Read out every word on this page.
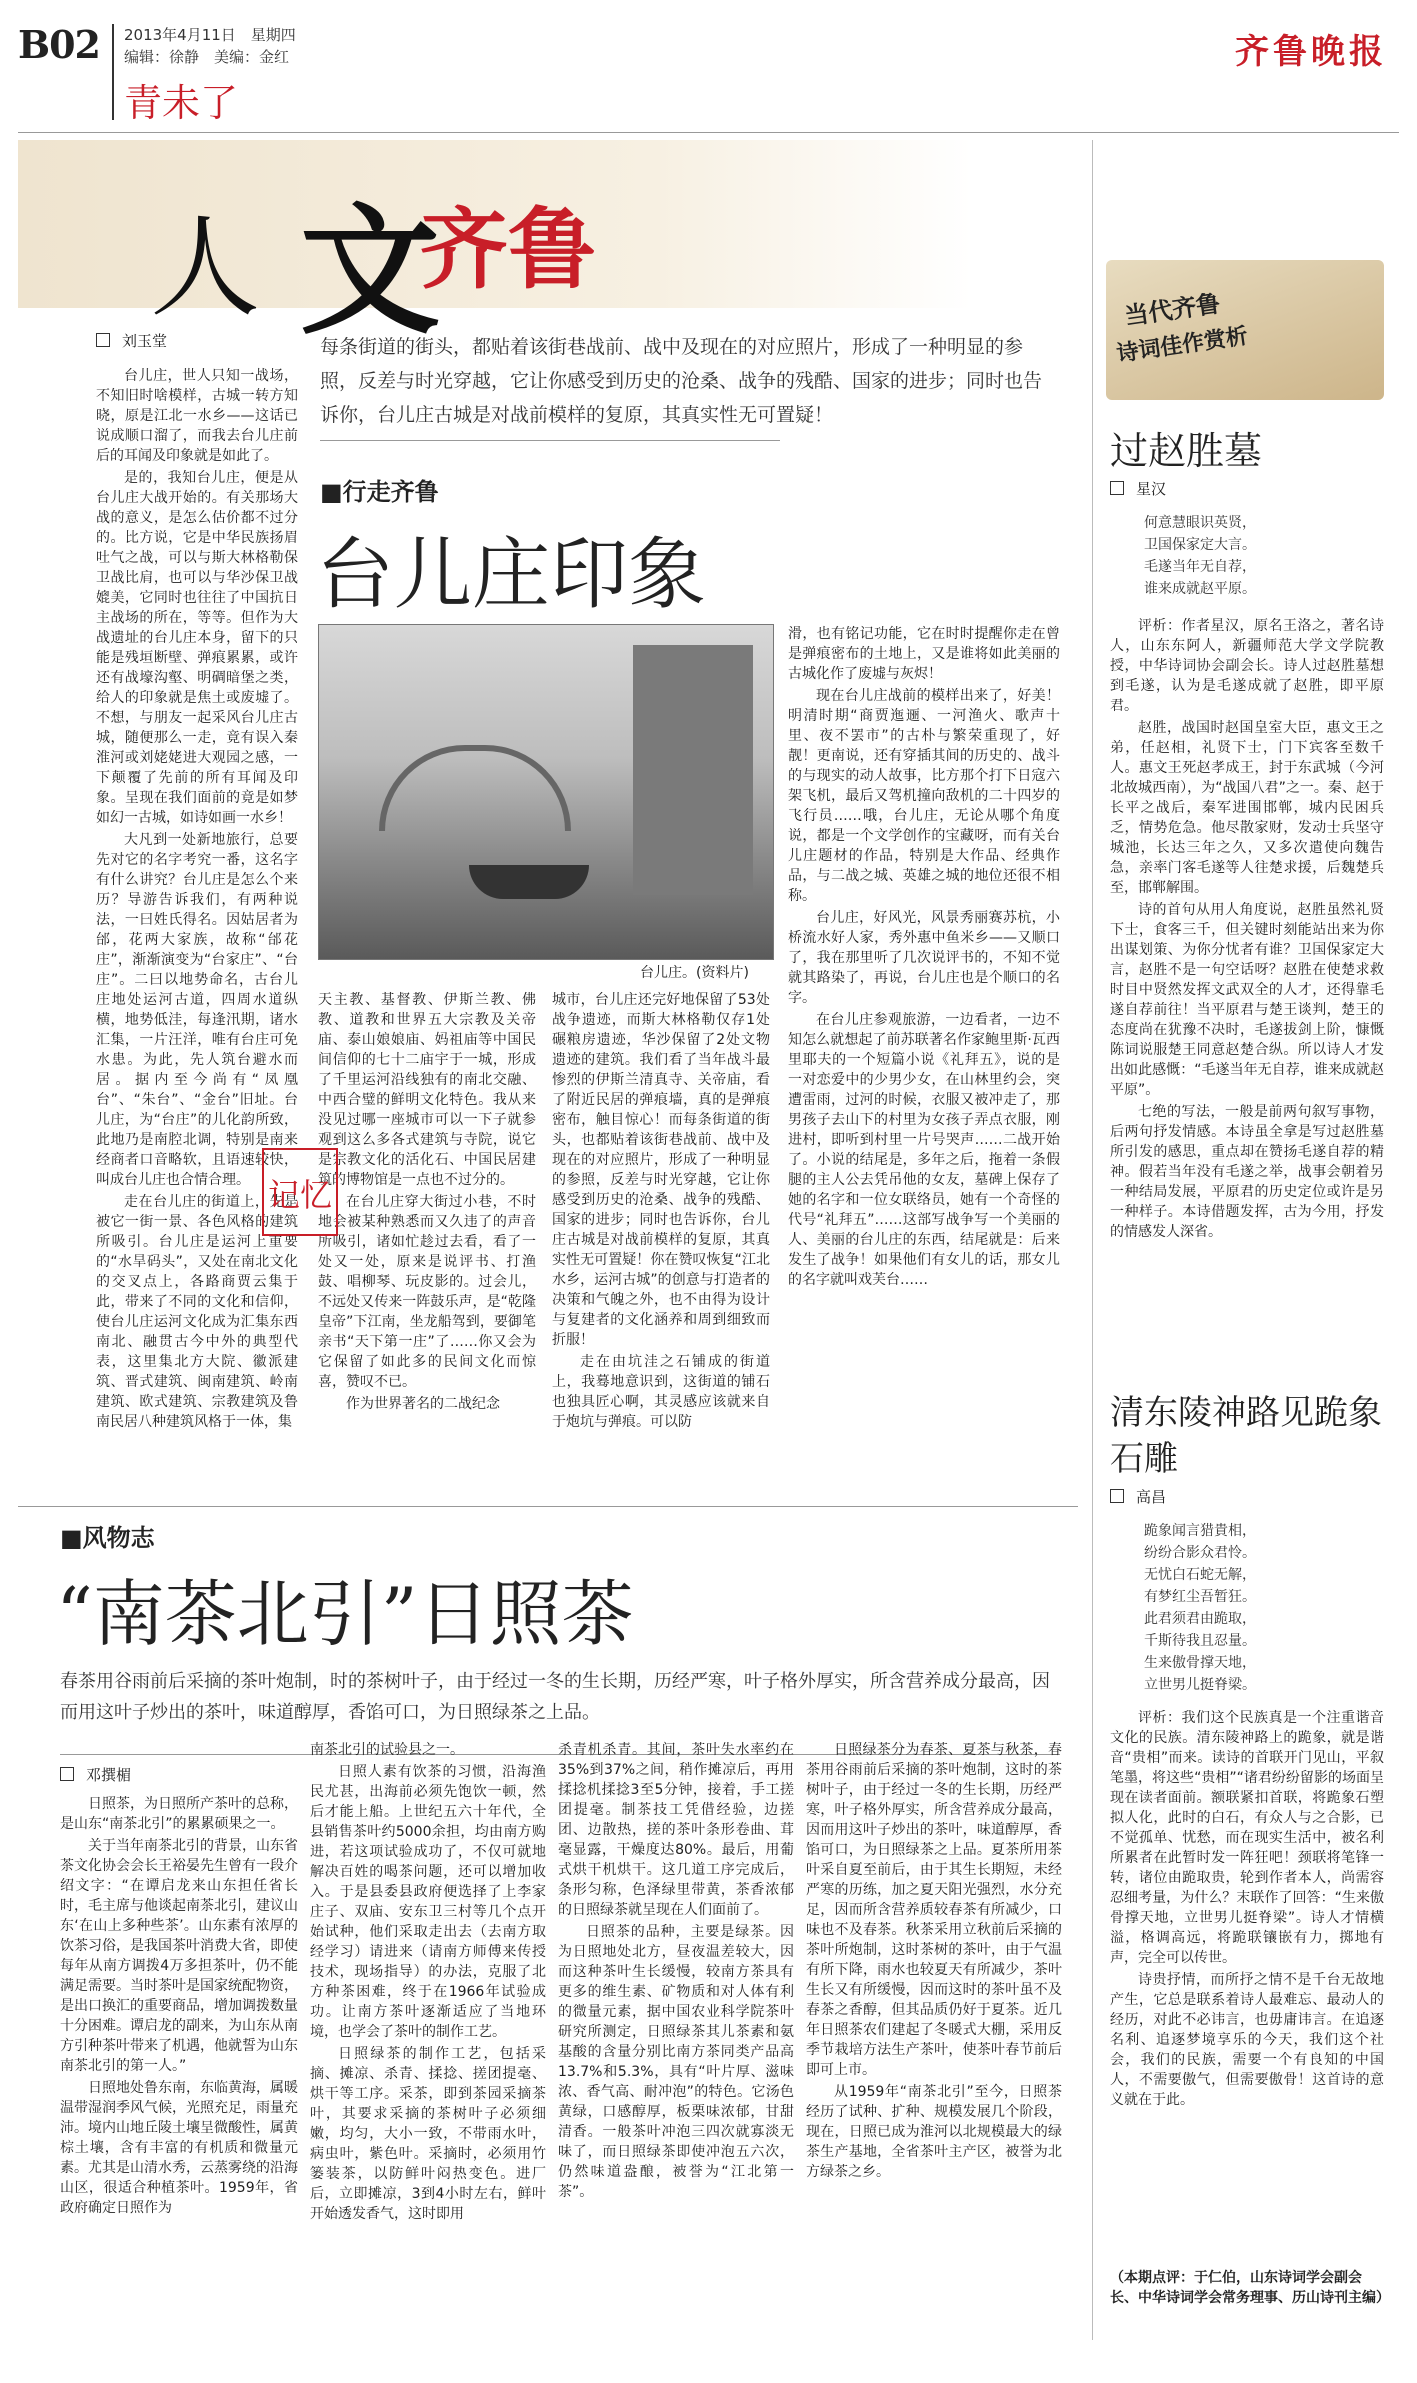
B02 2013年4月11日　星期四
编辑：徐静　美编：金红
青未了
齐鲁晚报
人 文
齐鲁
当代齐鲁
诗词佳作赏析
刘玉堂	每条街道的街头，都贴着该街巷战前、战中及现在的对应照片，形成了一种明显的参照，反差与时光穿越，它让你感受到历史的沧桑、战争的残酷、国家的进步；同时也告诉你，台儿庄古城是对战前模样的复原，其真实性无可置疑！
■行走齐鲁
台儿庄印象

台儿庄，世人只知一战场，不知旧时啥模样，古城一转方知晓，原是江北一水乡——这话已说成顺口溜了，而我去台儿庄前后的耳闻及印象就是如此了。

是的，我知台儿庄，便是从台儿庄大战开始的。有关那场大战的意义，是怎么估价都不过分的。比方说，它是中华民族扬眉吐气之战，可以与斯大林格勒保卫战比肩，也可以与华沙保卫战媲美，它同时也往往了中国抗日主战场的所在，等等。但作为大战遗址的台儿庄本身，留下的只能是残垣断壁、弹痕累累，或许还有战壕沟壑、明碉暗堡之类，给人的印象就是焦土或废墟了。不想，与朋友一起采风台儿庄古城，随便那么一走，竟有误入秦淮河或刘姥姥进大观园之感，一下颠覆了先前的所有耳闻及印象。呈现在我们面前的竟是如梦如幻一古城，如诗如画一水乡！

大凡到一处新地旅行，总要先对它的名字考究一番，这名字有什么讲究？台儿庄是怎么个来历？导游告诉我们，有两种说法，一曰姓氏得名。因姑居者为邰，花两大家族，故称“邰花庄”，渐渐演变为“台家庄”、“台庄”。二曰以地势命名，古台儿庄地处运河古道，四周水道纵横，地势低洼，每逢汛期，诸水汇集，一片汪洋，唯有台庄可免水患。为此，先人筑台避水而居。据内至今尚有“凤凰台”、“朱台”、“金台”旧址。台儿庄，为“台庄”的儿化韵所致，此地乃是南腔北调，特别是南来经商者口音略软，且语速较快，叫成台儿庄也合情合理。

走在台儿庄的街道上，先是被它一街一景、各色风格的建筑所吸引。台儿庄是运河上重要的“水旱码头”，又处在南北文化的交叉点上，各路商贾云集于此，带来了不同的文化和信仰，使台儿庄运河文化成为汇集东西南北、融贯古今中外的典型代表，这里集北方大院、徽派建筑、晋式建筑、闽南建筑、岭南建筑、欧式建筑、宗教建筑及鲁南民居八种建筑风格于一体，集

台儿庄。(资料片)

天主教、基督教、伊斯兰教、佛教、道教和世界五大宗教及关帝庙、泰山娘娘庙、妈祖庙等中国民间信仰的七十二庙宇于一城，形成了千里运河沿线独有的南北交融、中西合璧的鲜明文化特色。我从来没见过哪一座城市可以一下子就参观到这么多各式建筑与寺院，说它是宗教文化的活化石、中国民居建筑的博物馆是一点也不过分的。

在台儿庄穿大街过小巷，不时地会被某种熟悉而又久违了的声音所吸引，诸如忙趁过去看，看了一处又一处，原来是说评书、打渔鼓、唱柳琴、玩皮影的。过会儿，不远处又传来一阵鼓乐声，是“乾隆皇帝”下江南，坐龙船驾到，要御笔亲书“天下第一庄”了……你又会为它保留了如此多的民间文化而惊喜，赞叹不已。

作为世界著名的二战纪念

记忆

城市，台儿庄还完好地保留了53处战争遗迹，而斯大林格勒仅存1处碾粮房遗迹，华沙保留了2处文物遗迹的建筑。我们看了当年战斗最惨烈的伊斯兰清真寺、关帝庙，看了附近民居的弹痕墙，真的是弹痕密布，触目惊心！而每条街道的街头，也都贴着该街巷战前、战中及现在的对应照片，形成了一种明显的参照，反差与时光穿越，它让你感受到历史的沧桑、战争的残酷、国家的进步；同时也告诉你，台儿庄古城是对战前模样的复原，其真实性无可置疑！你在赞叹恢复“江北水乡，运河古城”的创意与打造者的决策和气魄之外，也不由得为设计与复建者的文化涵养和周到细致而折服！

走在由坑洼之石铺成的街道上，我蓦地意识到，这街道的铺石也独具匠心啊，其灵感应该就来自于炮坑与弹痕。可以防

滑，也有铭记功能，它在时时提醒你走在曾是弹痕密布的土地上，又是谁将如此美丽的古城化作了废墟与灰烬！

现在台儿庄战前的模样出来了，好美！明清时期“商贾迤逦、一河渔火、歌声十里、夜不罢市”的古朴与繁荣重现了，好靓！更南说，还有穿插其间的历史的、战斗的与现实的动人故事，比方那个打下日寇六架飞机，最后又驾机撞向敌机的二十四岁的飞行员……哦，台儿庄，无论从哪个角度说，都是一个文学创作的宝藏呀，而有关台儿庄题材的作品，特别是大作品、经典作品，与二战之城、英雄之城的地位还很不相称。

台儿庄，好风光，风景秀丽赛苏杭，小桥流水好人家，秀外惠中鱼米乡——又顺口了，我在那里听了几次说评书的，不知不觉就其路染了，再说，台儿庄也是个顺口的名字。

在台儿庄参观旅游，一边看者，一边不知怎么就想起了前苏联著名作家鲍里斯·瓦西里耶夫的一个短篇小说《礼拜五》，说的是一对恋爱中的少男少女，在山林里约会，突遭雷雨，过河的时候，衣服又被冲走了，那男孩子去山下的村里为女孩子弄点衣服，刚进村，即听到村里一片号哭声……二战开始了。小说的结尾是，多年之后，拖着一条假腿的主人公去凭吊他的女友，墓碑上保存了她的名字和一位女联络员，她有一个奇怪的代号“礼拜五”……这部写战争写一个美丽的人、美丽的台儿庄的东西，结尾就是：后来发生了战争！如果他们有女儿的话，那女儿的名字就叫戏芙台……

过赵胜墓
星汉
何意慧眼识英贤，
卫国保家定大言。
毛遂当年无自荐，
谁来成就赵平原。

评析：作者星汉，原名王洛之，著名诗人，山东东阿人，新疆师范大学文学院教授，中华诗词协会副会长。诗人过赵胜墓想到毛遂，认为是毛遂成就了赵胜，即平原君。

赵胜，战国时赵国皇室大臣，惠文王之弟，任赵相，礼贤下士，门下宾客至数千人。惠文王死赵孝成王，封于东武城（今河北故城西南），为“战国八君”之一。秦、赵于长平之战后，秦军进围邯郸，城内民困兵乏，情势危急。他尽散家财，发动士兵坚守城池，长达三年之久，又多次遣使向魏告急，亲率门客毛遂等人往楚求援，后魏楚兵至，邯郸解围。

诗的首句从用人角度说，赵胜虽然礼贤下士，食客三千，但关键时刻能站出来为你出谋划策、为你分忧者有谁？卫国保家定大言，赵胜不是一句空话呀？赵胜在使楚求救时目中贤然发挥文武双全的人才，还得靠毛遂自荐前往！当平原君与楚王谈判，楚王的态度尚在犹豫不决时，毛遂拔剑上阶，慷慨陈词说服楚王同意赵楚合纵。所以诗人才发出如此感慨：“毛遂当年无自荐，谁来成就赵平原”。

七绝的写法，一般是前两句叙写事物，后两句抒发情感。本诗虽全拿是写过赵胜墓所引发的感思，重点却在赞扬毛遂自荐的精神。假若当年没有毛遂之举，战事会朝着另一种结局发展，平原君的历史定位或许是另一种样子。本诗借题发挥，古为今用，抒发的情感发人深省。

清东陵神路见跪象石雕
高昌
跪象闻言猎貴相，
纷纷合影众君怜。
无忧白石蛇无解，
有梦红尘吾暂狂。
此君须君由跪取，
千斯待我且忍量。
生来傲骨撑天地，
立世男儿挺脊梁。

评析：我们这个民族真是一个注重谐音文化的民族。清东陵神路上的跪象，就是谐音“贵相”而来。读诗的首联开门见山，平叙笔墨，将这些“贵相”“诸君纷纷留影的场面呈现在读者面前。额联紧扣首联，将跪象石塑拟人化，此时的白石，有众人与之合影，已不觉孤单、忧愁，而在现实生活中，被名利所累者在此暂时发一阵狂吧！颈联将笔锋一转，诸位由跪取贵，轮到作者本人，尚需容忍细考量，为什么？末联作了回答：“生来傲骨撑天地，立世男儿挺脊梁”。诗人才情横溢，格调高远，将跪联镶嵌有力，掷地有声，完全可以传世。

诗贵抒情，而所抒之情不是千台无故地产生，它总是联系着诗人最难忘、最动人的经历，对此不必讳言，也毋庸讳言。在追逐名利、追逐梦境享乐的今天，我们这个社会，我们的民族，需要一个有良知的中国人，不需要傲气，但需要傲骨！这首诗的意义就在于此。

（本期点评：于仁伯，山东诗词学会副会长、中华诗词学会常务理事、历山诗刊主编）
■风物志
“南茶北引”日照茶
春茶用谷雨前后采摘的茶叶炮制，时的茶树叶子，由于经过一冬的生长期，历经严寒，叶子格外厚实，所含营养成分最高，因而用这叶子炒出的茶叶，味道醇厚，香馅可口，为日照绿茶之上品。
邓撰楣

日照茶，为日照所产茶叶的总称，是山东“南茶北引”的累累硕果之一。

关于当年南茶北引的背景，山东省茶文化协会会长王裕晏先生曾有一段介绍文字：“在谭启龙来山东担任省长时，毛主席与他谈起南茶北引，建议山东‘在山上多种些茶’。山东素有浓厚的饮茶习俗，是我国茶叶消费大省，即使每年从南方调拨4万多担茶叶，仍不能满足需要。当时茶叶是国家统配物资，是出口换汇的重要商品，增加调拨数量十分困难。谭启龙的副来，为山东从南方引种茶叶带来了机遇，他就誓为山东南茶北引的第一人。”

日照地处鲁东南，东临黄海，属暖温带湿润季风气候，光照充足，雨量充沛。境内山地丘陵土壤呈微酸性，属黄棕土壤，含有丰富的有机质和微量元素。尤其是山清水秀，云蒸雾绕的沿海山区，很适合种植茶叶。1959年，省政府确定日照作为

南茶北引的试验县之一。

日照人素有饮茶的习惯，沿海渔民尤甚，出海前必须先饱饮一顿，然后才能上船。上世纪五六十年代，全县销售茶叶约5000余担，均由南方购进，若这项试验成功了，不仅可就地解决百姓的喝茶问题，还可以增加收入。于是县委县政府便选择了上李家庄子、双庙、安东卫三村等几个点开始试种，他们采取走出去（去南方取经学习）请进来（请南方师傅来传授技术，现场指导）的办法，克服了北方种茶困难，终于在1966年试验成功。让南方茶叶逐渐适应了当地环境，也学会了茶叶的制作工艺。

日照绿茶的制作工艺，包括采摘、摊凉、杀青、揉捻、搓团提毫、烘干等工序。采茶，即到茶园采摘茶叶，其要求采摘的茶树叶子必须细嫩，均匀，大小一致，不带雨水叶，病虫叶，紫色叶。采摘时，必须用竹篓装茶，以防鲜叶闷热变色。进厂后，立即摊凉，3到4小时左右，鲜叶开始透发香气，这时即用

杀青机杀青。其间，茶叶失水率约在35%到37%之间，稍作摊凉后，再用揉捻机揉捻3至5分钟，接着，手工搓团提毫。制茶技工凭借经验，边搓团、边散热，搓的茶叶条形卷曲、茸毫显露，干燥度达80%。最后，用葡式烘干机烘干。这几道工序完成后，条形匀称，色泽绿里带黄，茶香浓郁的日照绿茶就呈现在人们面前了。

日照茶的品种，主要是绿茶。因为日照地处北方，昼夜温差较大，因而这种茶叶生长缓慢，较南方茶具有更多的维生素、矿物质和对人体有利的微量元素，据中国农业科学院茶叶研究所测定，日照绿茶其儿茶素和氨基酸的含量分别比南方茶同类产品高13.7%和5.3%，具有“叶片厚、滋味浓、香气高、耐冲泡”的特色。它汤色黄绿，口感醇厚，板栗味浓郁，甘甜清香。一般茶叶冲泡三四次就寡淡无味了，而日照绿茶即使冲泡五六次，仍然味道盎酿，被誉为“江北第一茶”。

日照绿茶分为春茶、夏茶与秋茶，春茶用谷雨前后采摘的茶叶炮制，这时的茶树叶子，由于经过一冬的生长期，历经严寒，叶子格外厚实，所含营养成分最高，因而用这叶子炒出的茶叶，味道醇厚，香馅可口，为日照绿茶之上品。夏茶所用茶叶采自夏至前后，由于其生长期短，未经严寒的历练，加之夏天阳光强烈，水分充足，因而所含营养质较春茶有所减少，口味也不及春茶。秋茶采用立秋前后采摘的茶叶所炮制，这时茶树的茶叶，由于气温有所下降，雨水也较夏天有所减少，茶叶生长又有所缓慢，因而这时的茶叶虽不及春茶之香醇，但其品质仍好于夏茶。近几年日照茶农们建起了冬暖式大棚，采用反季节栽培方法生产茶叶，使茶叶春节前后即可上市。

从1959年“南茶北引”至今，日照茶经历了试种、扩种、规模发展几个阶段，现在，日照已成为淮河以北规模最大的绿茶生产基地，全省茶叶主产区，被誉为北方绿茶之乡。
